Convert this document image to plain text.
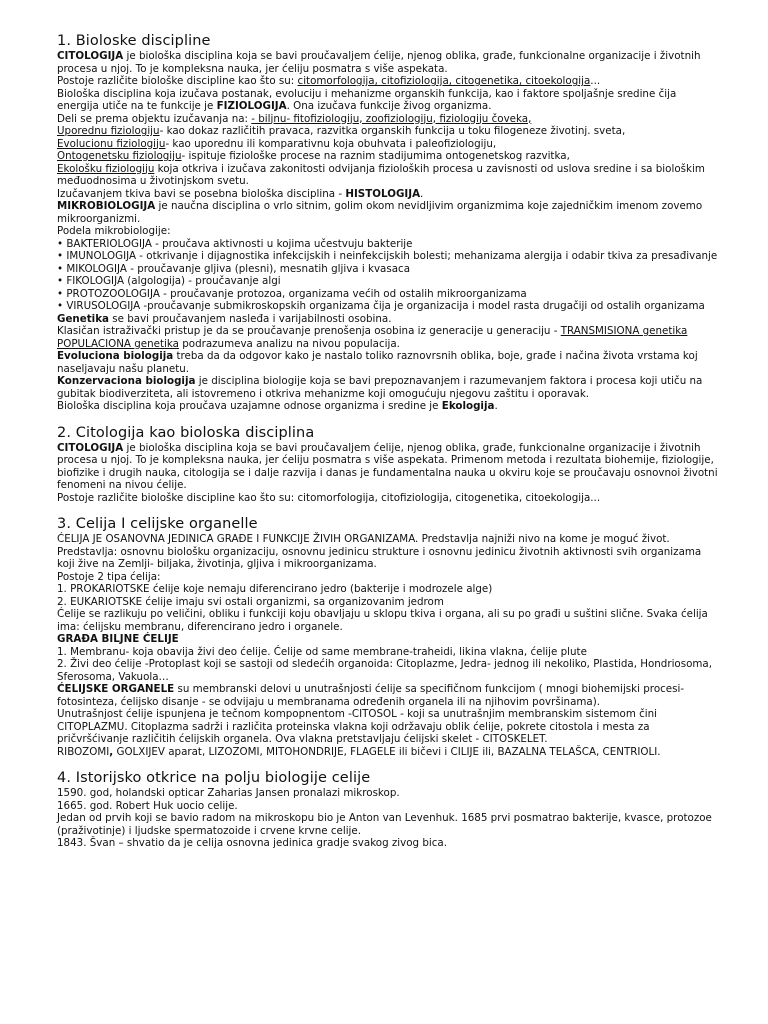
1. Bioloske discipline

CITOLOGIJA je biološka disciplina koja se bavi proučavaljem ćelije, njenog oblika, građe, funkcionalne organizacije i životnih procesa u njoj. To je kompleksna nauka, jer ćeliju posmatra s više aspekata.

Postoje različite biološke discipline kao što su: citomorfologija, citofiziologija, citogenetika, citoekologija...

Biološka disciplina koja izučava postanak, evoluciju i mehanizme organskih funkcija, kao i faktore spoljašnje sredine čija energija utiče na te funkcije je FIZIOLOGIJA. Ona izučava funkcije živog organizma.

Deli se prema objektu izučavanja na: - biljnu- fitofiziologiju, zoofiziologiju, fiziologiju čoveka,

Uporednu fiziologiju- kao dokaz različitih pravaca, razvitka organskih funkcija u toku filogeneze životinj. sveta,

Evolucionu fiziologiju- kao uporednu ili komparativnu koja obuhvata i paleofiziologiju,

Ontogenetsku fiziologiju- ispituje fiziološke procese na raznim stadijumima ontogenetskog razvitka,

Ekološku fiziologiju koja otkriva i izučava zakonitosti odvijanja fizioloških procesa u zavisnosti od uslova sredine i sa biološkim međuodnosima u životinjskom svetu.

Izučavanjem tkiva bavi se posebna biološka disciplina - HISTOLOGIJA.

MIKROBIOLOGIJA je naučna disciplina o vrlo sitnim, golim okom nevidljivim organizmima koje zajedničkim imenom zovemo mikroorganizmi.

Podela mikrobiologije:

• BAKTERIOLOGIJA - proučava aktivnosti u kojima učestvuju bakterije

• IMUNOLOGIJA - otkrivanje i dijagnostika infekcijskih i neinfekcijskih bolesti; mehanizama alergija i odabir tkiva za presađivanje

• MIKOLOGIJA - proučavanje gljiva (plesni), mesnatih gljiva i kvasaca

• FIKOLOGIJA (algologija) - proučavanje algi

• PROTOZOOLOGIJA - proučavanje protozoa, organizama većih od ostalih mikroorganizama

• VIRUSOLOGIJA -proučavanje submikroskopskih organizama čija je organizacija i model rasta drugačiji od ostalih organizama

Genetika se bavi proučavanjem nasleđa i varijabilnosti osobina.

Klasičan istraživački pristup je da se proučavanje prenošenja osobina iz generacije u generaciju - TRANSMISIONA genetika

POPULACIONA genetika podrazumeva analizu na nivou populacija.

Evoluciona biologija treba da da odgovor kako je nastalo toliko raznovrsnih oblika, boje, građe i načina života vrstama koj naseljavaju našu planetu.

Konzervaciona biologija je disciplina biologije koja se bavi prepoznavanjem i razumevanjem faktora i procesa koji utiču na gubitak biodiverziteta, ali istovremeno i otkriva mehanizme koji omogućuju njegovu zaštitu i oporavak.

Biološka disciplina koja proučava uzajamne odnose organizma i sredine je Ekologija.

2. Citologija kao bioloska disciplina

CITOLOGIJA je biološka disciplina koja se bavi proučavaljem ćelije, njenog oblika, građe, funkcionalne organizacije i životnih procesa u njoj. To je kompleksna nauka, jer ćeliju posmatra s više aspekata. Primenom metoda i rezultata biohemije, fiziologije, biofizike i drugih nauka, citologija se i dalje razvija i danas je fundamentalna nauka u okviru koje se proučavaju osnovnoi životni fenomeni na nivou ćelije.

Postoje različite biološke discipline kao što su: citomorfologija, citofiziologija, citogenetika, citoekologija...

3. Celija I celijske organelle

ĆELIJA JE OSANOVNA JEDINICA GRAĐE I FUNKCIJE ŽIVIH ORGANIZAMA. Predstavlja najniži nivo na kome je moguć život. Predstavlja: osnovnu biološku organizaciju, osnovnu jedinicu strukture i osnovnu jedinicu životnih aktivnosti svih organizama koji žive na Zemlji- biljaka, životinja, gljiva i mikroorganizama.

Postoje 2 tipa ćelija:

1. PROKARIOTSKE ćelije koje nemaju diferencirano jedro (bakterije i modrozele alge)

2. EUKARIOTSKE ćelije imaju svi ostali organizmi, sa organizovanim jedrom

Ćelije se razlikuju po veličini, obliku i funkciji koju obavljaju u sklopu tkiva i organa, ali su po građi u suštini slične. Svaka ćelija ima: ćelijsku membranu, diferencirano jedro i organele.

GRAĐA BILJNE ĆELIJE

1. Membranu- koja obavija živi deo ćelije. Ćelije od same membrane-traheidi, likina vlakna, ćelije plute

2. Živi deo ćelije -Protoplast koji se sastoji od sledećih organoida: Citoplazme, Jedra- jednog ili nekoliko, Plastida, Hondriosoma, Sferosoma, Vakuola…

ĆELIJSKE ORGANELE su membranski delovi u unutrašnjosti ćelije sa specifičnom funkcijom ( mnogi biohemijski procesi-fotosinteza, ćelijsko disanje - se odvijaju u membranama određenih organela ili na njihovim površinama).

Unutrašnjost ćelije ispunjena je tečnom kompopnentom -CITOSOL - koji sa unutrašnjim membranskim sistemom čini CITOPLAZMU. Citoplazma sadrži i različita proteinska vlakna koji održavaju oblik ćelije, pokrete citostola i mesta za pričvršćivanje različitih ćelijskih organela. Ova vlakna pretstavljaju ćelijski skelet - CITOSKELET.

RIBOZOMI, GOLXIJEV aparat, LIZOZOMI, MITOHONDRIJE, FLAGELE ili bičevi i CILIJE ili, BAZALNA TELAŠCA, CENTRIOLI.

4. Istorijsko otkrice na polju biologije celije

1590. god, holandski opticar Zaharias Jansen pronalazi mikroskop.

1665. god. Robert Huk uocio celije.

Jedan od prvih koji se bavio radom na mikroskopu bio je Anton van Levenhuk. 1685 prvi posmatrao bakterije, kvasce, protozoe (praživotinje) i ljudske spermatozoide i crvene krvne celije.

1843. Švan – shvatio da je celija osnovna jedinica gradje svakog zivog bica.
